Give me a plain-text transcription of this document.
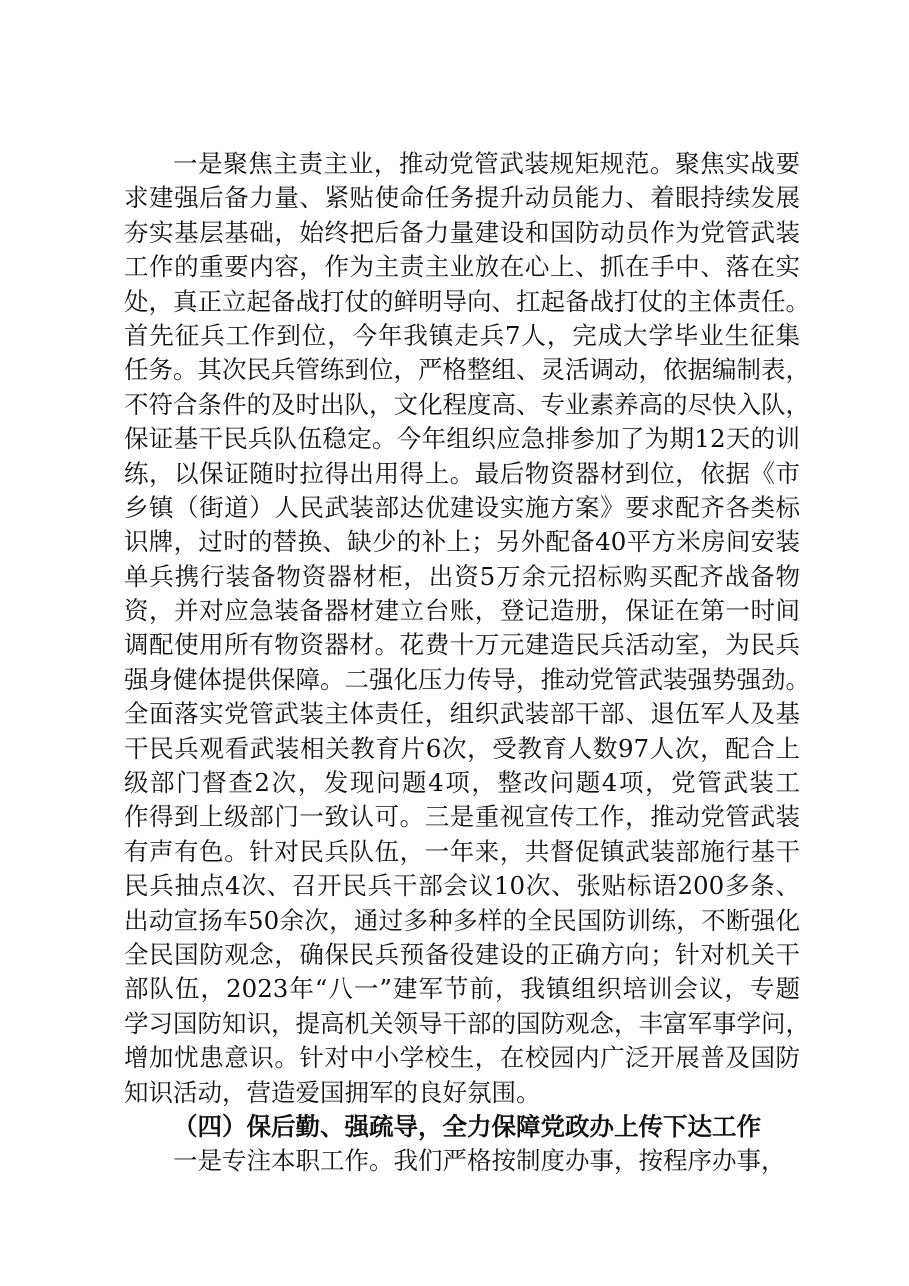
一是聚焦主责主业，推动党管武装规矩规范。聚焦实战要
求建强后备力量、紧贴使命任务提升动员能力、着眼持续发展
夯实基层基础，始终把后备力量建设和国防动员作为党管武装
工作的重要内容，作为主责主业放在心上、抓在手中、落在实
处，真正立起备战打仗的鲜明导向、扛起备战打仗的主体责任。
首先征兵工作到位，今年我镇走兵7人，完成大学毕业生征集
任务。其次民兵管练到位，严格整组、灵活调动，依据编制表，
不符合条件的及时出队，文化程度高、专业素养高的尽快入队，
保证基干民兵队伍稳定。今年组织应急排参加了为期12天的训
练，以保证随时拉得出用得上。最后物资器材到位，依据《市
乡镇（街道）人民武装部达优建设实施方案》要求配齐各类标
识牌，过时的替换、缺少的补上；另外配备40平方米房间安装
单兵携行装备物资器材柜，出资5万余元招标购买配齐战备物
资，并对应急装备器材建立台账，登记造册，保证在第一时间
调配使用所有物资器材。花费十万元建造民兵活动室，为民兵
强身健体提供保障。二强化压力传导，推动党管武装强势强劲。
全面落实党管武装主体责任，组织武装部干部、退伍军人及基
干民兵观看武装相关教育片6次，受教育人数97人次，配合上
级部门督查2次，发现问题4项，整改问题4项，党管武装工
作得到上级部门一致认可。三是重视宣传工作，推动党管武装
有声有色。针对民兵队伍，一年来，共督促镇武装部施行基干
民兵抽点4次、召开民兵干部会议10次、张贴标语200多条、
出动宣扬车50余次，通过多种多样的全民国防训练，不断强化
全民国防观念，确保民兵预备役建设的正确方向；针对机关干
部队伍，2023年“八一”建军节前，我镇组织培训会议，专题
学习国防知识，提高机关领导干部的国防观念，丰富军事学问，
增加忧患意识。针对中小学校生，在校园内广泛开展普及国防
知识活动，营造爱国拥军的良好氛围。
（四）保后勤、强疏导，全力保障党政办上传下达工作
一是专注本职工作。我们严格按制度办事，按程序办事，
